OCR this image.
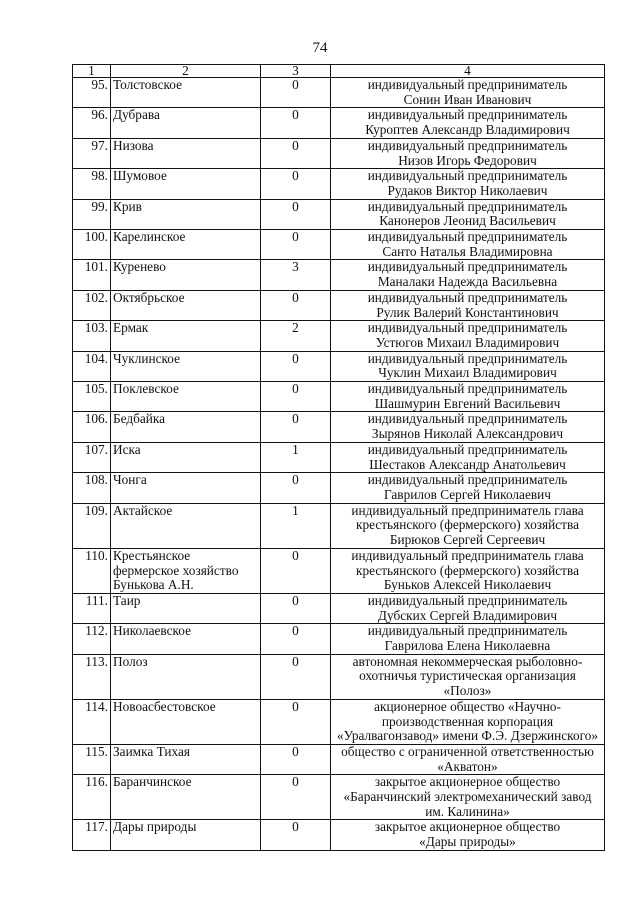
74
1	2	3	4
95.	Толстовское	0	индивидуальный предприниматель
Сонин Иван Иванович

96.	Дубрава	0	индивидуальный предприниматель
Куроптев Александр Владимирович

97.	Низова	0	индивидуальный предприниматель
Низов Игорь Федорович

98.	Шумовое	0	индивидуальный предприниматель
Рудаков Виктор Николаевич

99.	Крив	0	индивидуальный предприниматель
Канонеров Леонид Васильевич

100.	Карелинское	0	индивидуальный предприниматель
Санто Наталья Владимировна

101.	Куренево	3	индивидуальный предприниматель
Маналаки Надежда Васильевна

102.	Октябрьское	0	индивидуальный предприниматель
Рулик Валерий Константинович

103.	Ермак	2	индивидуальный предприниматель
Устюгов Михаил Владимирович

104.	Чуклинское	0	индивидуальный предприниматель
Чуклин Михаил Владимирович

105.	Поклевское	0	индивидуальный предприниматель
Шашмурин Евгений Васильевич

106.	Бедбайка	0	индивидуальный предприниматель
Зырянов Николай Александрович

107.	Иска	1	индивидуальный предприниматель
Шестаков Александр Анатольевич

108.	Чонга	0	индивидуальный предприниматель
Гаврилов Сергей Николаевич

109.	Актайское	1	индивидуальный предприниматель глава
крестьянского (фермерского) хозяйства
Бирюков Сергей Сергеевич

110.	Крестьянское фермерское хозяйство Бунькова А.Н.	0	индивидуальный предприниматель глава
крестьянского (фермерского) хозяйства
Буньков Алексей Николаевич

111.	Таир	0	индивидуальный предприниматель
Дубских Сергей Владимирович

112.	Николаевское	0	индивидуальный предприниматель
Гаврилова Елена Николаевна

113.	Полоз	0	автономная некоммерческая рыболовно-
охотничья туристическая организация
«Полоз»

114.	Новоасбестовское	0	акционерное общество «Научно-
производственная корпорация
«Уралвагонзавод» имени Ф.Э. Дзержинского»

115.	Заимка Тихая	0	общество с ограниченной ответственностью
«Акватон»

116.	Баранчинское	0	закрытое акционерное общество
«Баранчинский электромеханический завод
им. Калинина»

117.	Дары природы	0	закрытое акционерное общество
«Дары природы»
